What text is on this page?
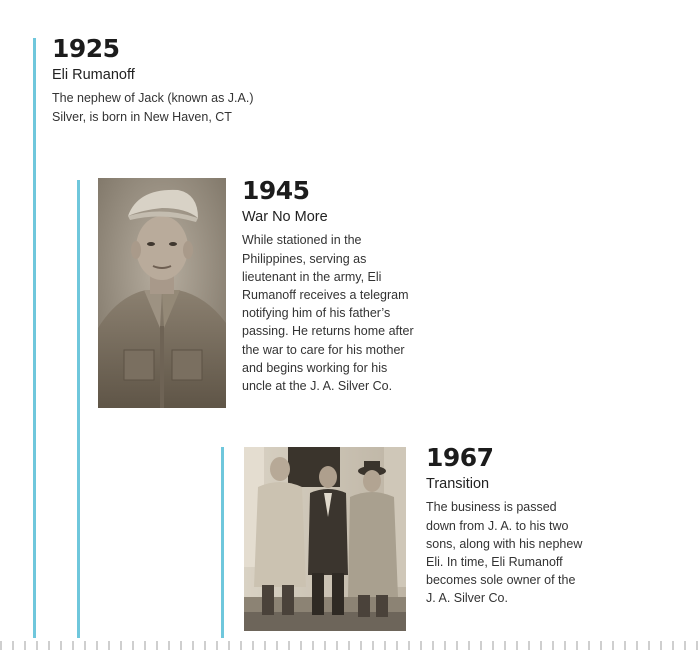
1925
Eli Rumanoff

The nephew of Jack (known as J.A.) Silver, is born in New Haven, CT

1945
War No More

While stationed in the Philippines, serving as lieutenant in the army, Eli Rumanoff receives a telegram notifying him of his father’s passing. He returns home after the war to care for his mother and begins working for his uncle at the J. A. Silver Co.

1967
Transition

The business is passed down from J. A. to his two sons, along with his nephew Eli. In time, Eli Rumanoff becomes sole owner of the J. A. Silver Co.
